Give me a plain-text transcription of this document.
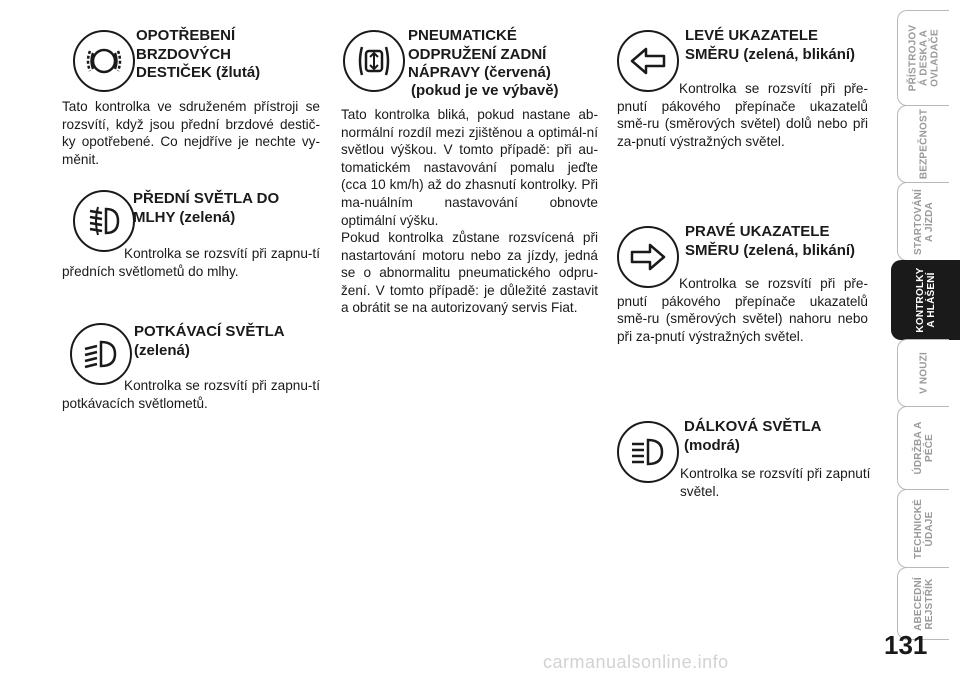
OPOTŘEBENÍ
BRZDOVÝCH
DESTIČEK (žlutá)
Tato kontrolka ve sdruženém přístroji se rozsvítí, když jsou přední brzdové destič-ky opotřebené. Co nejdříve je nechte vy-měnit.
PŘEDNÍ SVĚTLA DO
MLHY (zelená)
Kontrolka se rozsvítí při zapnu-tí předních světlometů do mlhy.
POTKÁVACÍ SVĚTLA
(zelená)
Kontrolka se rozsvítí při zapnu-tí potkávacích světlometů.
PNEUMATICKÉ
ODPRUŽENÍ ZADNÍ
NÁPRAVY (červená)
(pokud je ve výbavě)
Tato kontrolka bliká, pokud nastane ab-normální rozdíl mezi zjištěnou a optimál-ní světlou výškou. V tomto případě: při au-tomatickém nastavování pomalu jeďte (cca 10 km/h) až do zhasnutí kontrolky. Při ma-nuálním nastavování obnovte optimální výšku.
Pokud kontrolka zůstane rozsvícená při nastartování motoru nebo za jízdy, jedná se o abnormalitu pneumatického odpru-žení. V tomto případě: je důležité zastavit a obrátit se na autorizovaný servis Fiat.
LEVÉ UKAZATELE
SMĚRU (zelená, blikání)
Kontrolka se rozsvítí při pře-pnutí pákového přepínače ukazatelů smě-ru (směrových světel) dolů nebo při za-pnutí výstražných světel.
PRAVÉ UKAZATELE
SMĚRU (zelená, blikání)
Kontrolka se rozsvítí při pře-pnutí pákového přepínače ukazatelů smě-ru (směrových světel) nahoru nebo při za-pnutí výstražných světel.
DÁLKOVÁ SVĚTLA
(modrá)
Kontrolka se rozsvítí při zapnutí světel.
PŘÍSTROJOV
Á DESKA A
OVLADAČE
BEZPEČNOST
STARTOVÁNÍ
A JÍZDA
KONTROLKY
A HLÁŠENÍ
V NOUZI
ÚDRŽBA A
PÉČE
TECHNICKÉ
ÚDAJE
ABECEDNÍ
REJSTŘÍK
131
carmanualsonline.info
